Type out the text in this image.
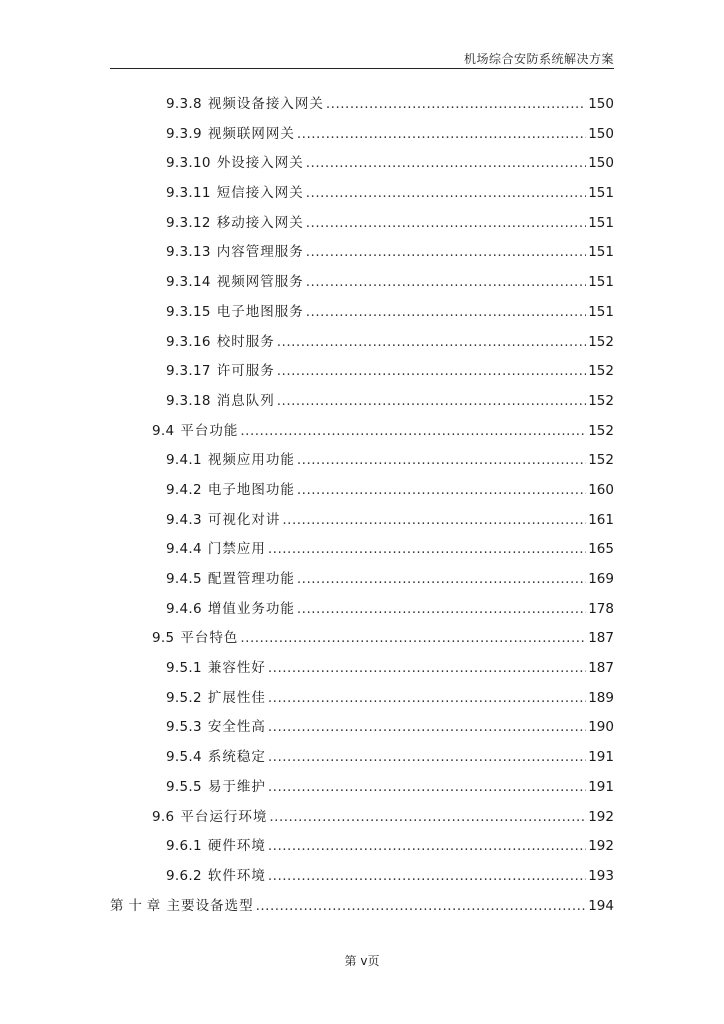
机场综合安防系统解决方案
9.3.8 视频设备接入网关 .....	150
9.3.9 视频联网网关 .....	150
9.3.10 外设接入网关 .....	150
9.3.11 短信接入网关 .....	151
9.3.12 移动接入网关 .....	151
9.3.13 内容管理服务 .....	151
9.3.14 视频网管服务 .....	151
9.3.15 电子地图服务 .....	151
9.3.16 校时服务 .....	152
9.3.17 许可服务 .....	152
9.3.18 消息队列 .....	152
9.4 平台功能 .....	152
9.4.1 视频应用功能 .....	152
9.4.2 电子地图功能 .....	160
9.4.3 可视化对讲 .....	161
9.4.4 门禁应用 .....	165
9.4.5 配置管理功能 .....	169
9.4.6 增值业务功能 .....	178
9.5 平台特色 .....	187
9.5.1 兼容性好 .....	187
9.5.2 扩展性佳 .....	189
9.5.3 安全性高 .....	190
9.5.4 系统稳定 .....	191
9.5.5 易于维护 .....	191
9.6 平台运行环境 .....	192
9.6.1 硬件环境 .....	192
9.6.2 软件环境 .....	193
第 十 章 主要设备选型 .....	194
第 v页
